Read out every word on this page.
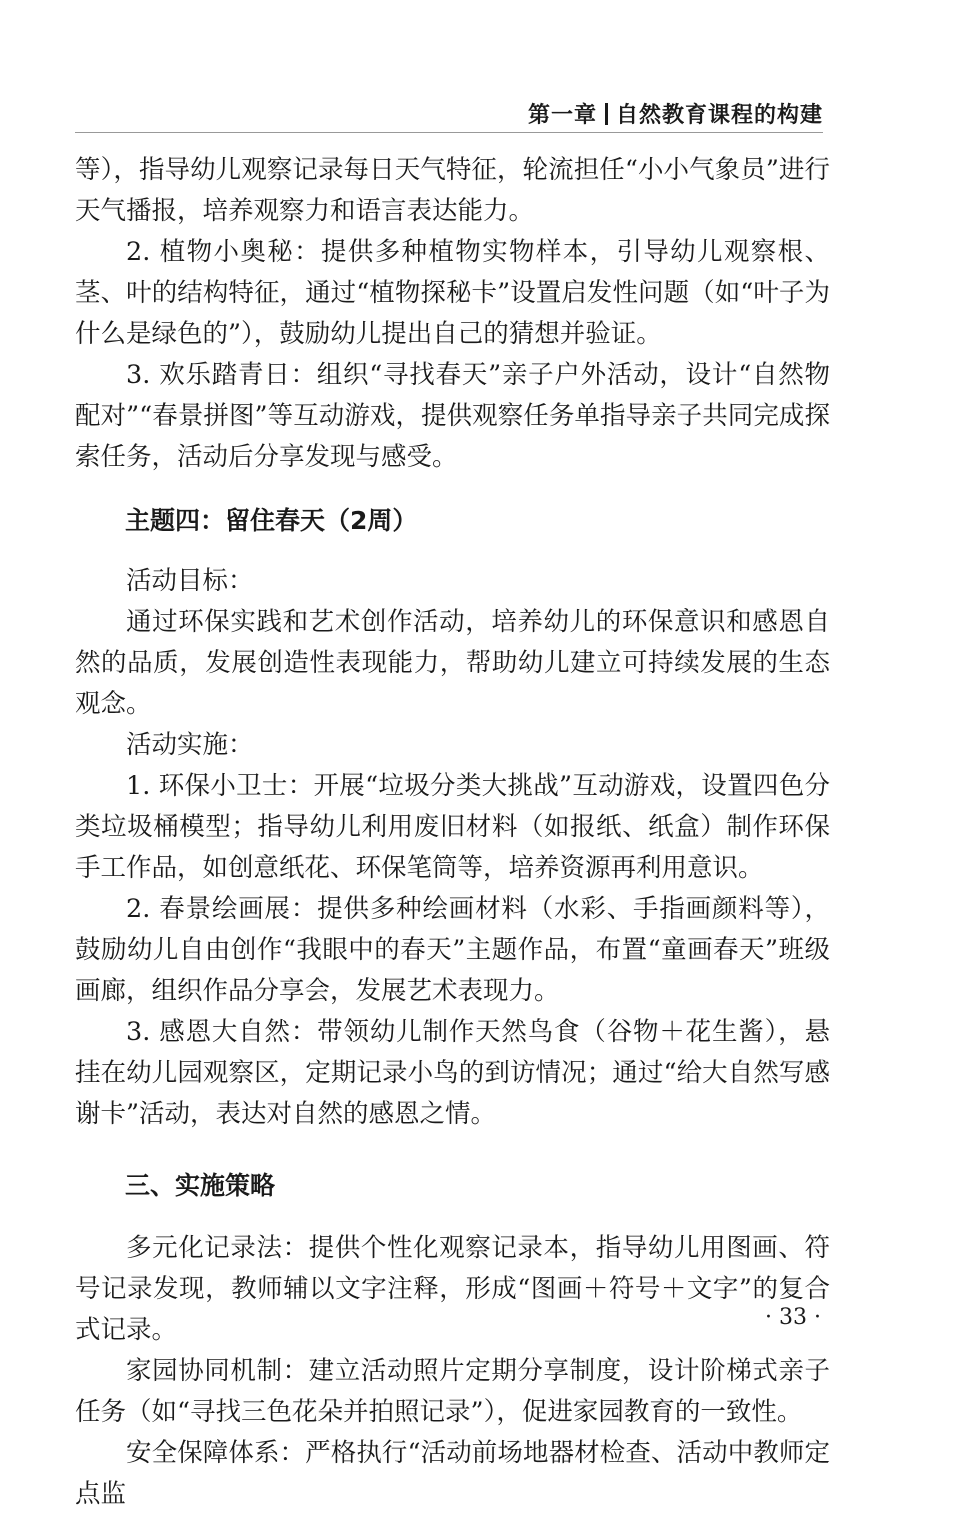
第一章 自然教育课程的构建

等），指导幼儿观察记录每日天气特征，轮流担任“小小气象员”进行天气播报，培养观察力和语言表达能力。

2. 植物小奥秘：提供多种植物实物样本，引导幼儿观察根、茎、叶的结构特征，通过“植物探秘卡”设置启发性问题（如“叶子为什么是绿色的”），鼓励幼儿提出自己的猜想并验证。

3. 欢乐踏青日：组织“寻找春天”亲子户外活动，设计“自然物配对”“春景拼图”等互动游戏，提供观察任务单指导亲子共同完成探索任务，活动后分享发现与感受。

主题四：留住春天（2周）

活动目标：

通过环保实践和艺术创作活动，培养幼儿的环保意识和感恩自然的品质，发展创造性表现能力，帮助幼儿建立可持续发展的生态观念。

活动实施：

1. 环保小卫士：开展“垃圾分类大挑战”互动游戏，设置四色分类垃圾桶模型；指导幼儿利用废旧材料（如报纸、纸盒）制作环保手工作品，如创意纸花、环保笔筒等，培养资源再利用意识。

2. 春景绘画展：提供多种绘画材料（水彩、手指画颜料等），鼓励幼儿自由创作“我眼中的春天”主题作品，布置“童画春天”班级画廊，组织作品分享会，发展艺术表现力。

3. 感恩大自然：带领幼儿制作天然鸟食（谷物＋花生酱），悬挂在幼儿园观察区，定期记录小鸟的到访情况；通过“给大自然写感谢卡”活动，表达对自然的感恩之情。

三、实施策略

多元化记录法：提供个性化观察记录本，指导幼儿用图画、符号记录发现，教师辅以文字注释，形成“图画＋符号＋文字”的复合式记录。

家园协同机制：建立活动照片定期分享制度，设计阶梯式亲子任务（如“寻找三色花朵并拍照记录”），促进家园教育的一致性。

安全保障体系：严格执行“活动前场地器材检查、活动中教师定点监

· 33 ·
